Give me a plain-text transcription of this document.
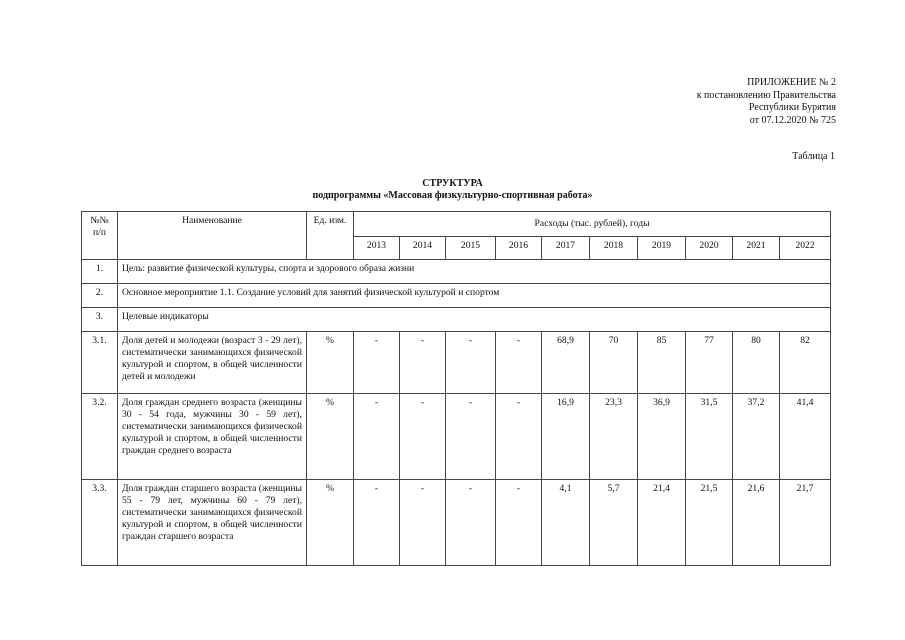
ПРИЛОЖЕНИЕ № 2
к постановлению Правительства
Республики Бурятия
от 07.12.2020 № 725
Таблица 1
СТРУКТУРА
подпрограммы «Массовая физкультурно-спортивная работа»
№№ п/п	Наименование	Ед. изм.	Расходы (тыс. рублей), годы									
			2013	2014	2015	2016	2017	2018	2019	2020	2021	2022
1.	Цель: развитие физической культуры, спорта и здорового образа жизни											
2.	Основное мероприятие 1.1. Создание условий для занятий физической культурой и спортом											
3.	Целевые индикаторы											
3.1.	Доля детей и молодежи (возраст 3 - 29 лет), систематически занимающихся физической культурой и спортом, в общей численности детей и молодежи	%	-	-	-	-	68,9	70	85	77	80	82
3.2.	Доля граждан среднего возраста (женщины 30 - 54 года, мужчины 30 - 59 лет), систематически занимающихся физической культурой и спортом, в общей численности граждан среднего возраста	%	-	-	-	-	16,9	23,3	36,9	31,5	37,2	41,4
3.3.	Доля граждан старшего возраста (женщины 55 - 79 лет, мужчины 60 - 79 лет), систематически занимающихся физической культурой и спортом, в общей численности граждан старшего возраста	%	-	-	-	-	4,1	5,7	21,4	21,5	21,6	21,7
